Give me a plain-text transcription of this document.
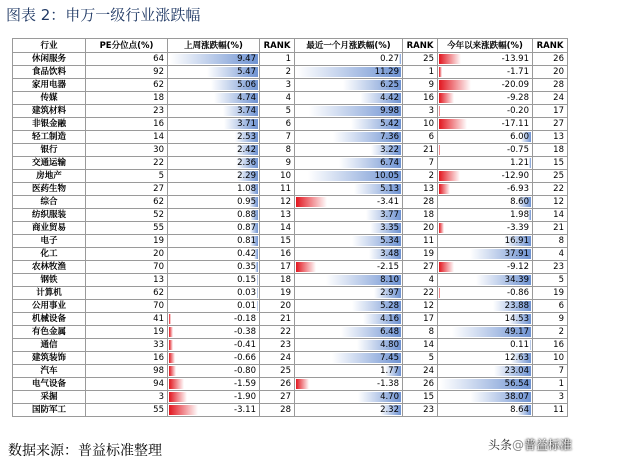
图表 2：申万一级行业涨跌幅
行业	PE分位点(%)	上周涨跌幅(%)	RANK	最近一个月涨跌幅(%)	RANK	今年以来涨跌幅(%)	RANK
休闲服务	64	9.47	1	0.27	25	-13.91	26
食品饮料	92	5.47	2	11.29	1	-1.71	20
家用电器	62	5.06	3	6.25	9	-20.09	28
传媒	18	4.74	4	4.42	16	-9.28	24
建筑材料	23	3.74	5	9.98	3	-0.20	17
非银金融	16	3.71	6	5.42	10	-17.11	27
轻工制造	14	2.53	7	7.36	6	6.00	13
银行	30	2.42	8	3.22	21	-0.75	18
交通运输	22	2.36	9	6.74	7	1.21	15
房地产	5	2.29	10	10.05	2	-12.90	25
医药生物	27	1.08	11	5.13	13	-6.93	22
综合	62	0.95	12	-3.41	28	8.60	12
纺织服装	52	0.88	13	3.77	18	1.98	14
商业贸易	55	0.87	14	3.35	20	-3.39	21
电子	19	0.81	15	5.34	11	16.91	8
化工	20	0.42	16	3.48	19	37.91	4
农林牧渔	70	0.35	17	-2.15	27	-9.12	23
钢铁	13	0.15	18	8.10	4	34.39	5
计算机	62	0.03	19	2.97	22	-0.86	19
公用事业	70	0.01	20	5.28	12	23.88	6
机械设备	41	-0.18	21	4.16	17	14.53	9
有色金属	19	-0.38	22	6.48	8	49.17	2
通信	33	-0.41	23	4.80	14	0.11	16
建筑装饰	16	-0.66	24	7.45	5	12.63	10
汽车	98	-0.80	25	1.77	24	23.04	7
电气设备	94	-1.59	26	-1.38	26	56.54	1
采掘	3	-1.90	27	4.70	15	38.07	3
国防军工	55	-3.11	28	2.32	23	8.64	11
数据来源：普益标准整理	头条@普益标准
